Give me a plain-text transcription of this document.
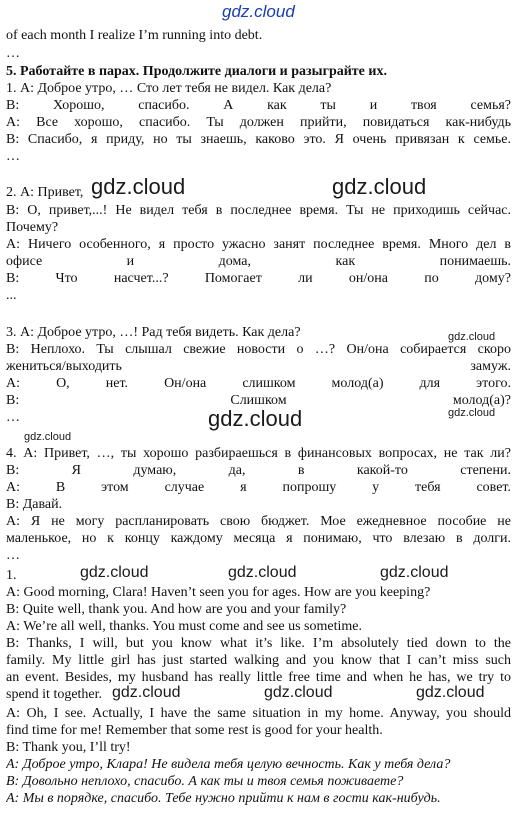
gdz.cloud
of each month I realize I’m running into debt.
…
5. Работайте в парах. Продолжите диалоги и разыграйте их.
1. А: Доброе утро, … Сто лет тебя не видел. Как дела?
В: Хорошо, спасибо. А как ты и твоя семья?
А: Все хорошо, спасибо. Ты должен прийти, повидаться как-нибудь
В: Спасибо, я приду, но ты знаешь, каково это. Я очень привязан к семье.
…
2. А: Привет,
В: О, привет,...! Не видел тебя в последнее время. Ты не приходишь сейчас.
Почему?
А: Ничего особенного, я просто ужасно занят последнее время. Много дел в
офисе и дома, как понимаешь.
В: Что насчет...? Помогает ли он/она по дому?
...
3. А: Доброе утро, …! Рад тебя видеть. Как дела?
В: Неплохо. Ты слышал свежие новости о …? Он/она собирается скоро
жениться/выходить	замуж.
А: О, нет. Он/она слишком молод(а) для этого.
В:	Слишком	молод(а)?
…
4. А: Привет, …, ты хорошо разбираешься в финансовых вопросах, не так ли?
В: Я думаю, да, в какой-то степени.
А: В этом случае я попрошу у тебя совет.
В: Давай.
А: Я не могу распланировать свою бюджет. Мое ежедневное пособие не
маленькое, но к концу каждому месяца я понимаю, что влезаю в долги.
…
1.
A: Good morning, Clara! Haven’t seen you for ages. How are you keeping?
B: Quite well, thank you. And how are you and your family?
A: We’re all well, thanks. You must come and see us sometime.
B: Thanks, I will, but you know what it’s like. I’m absolutely tied down to the
family. My little girl has just started walking and you know that I can’t miss such
an event. Besides, my husband has really little free time and when he has, we try to
spend it together.
A: Oh, I see. Actually, I have the same situation in my home. Anyway, you should
find time for me! Remember that some rest is good for your health.
B: Thank you, I’ll try!
А: Доброе утро, Клара! Не видела тебя целую вечность. Как у тебя дела?
В: Довольно неплохо, спасибо. А как ты и твоя семья поживаете?
А: Мы в порядке, спасибо. Тебе нужно прийти к нам в гости как-нибудь.
gdz.cloud	gdz.cloud
gdz.cloud
gdz.cloud
gdz.cloud
gdz.cloud
gdz.cloud	gdz.cloud	gdz.cloud
gdz.cloud	gdz.cloud	gdz.cloud
